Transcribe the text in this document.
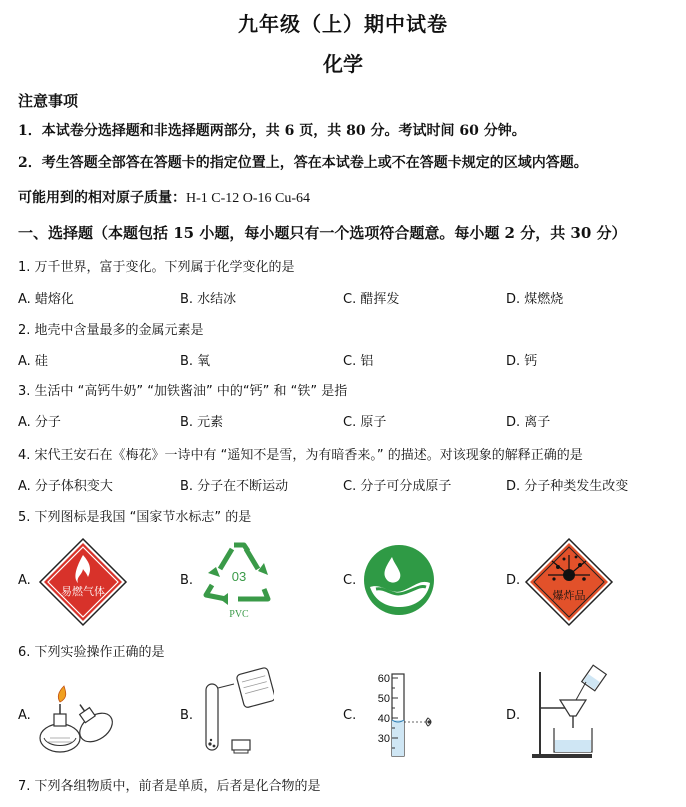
九年级（上）期中试卷
化学
注意事项
1．本试卷分选择题和非选择题两部分，共 6 页，共 80 分。考试时间 60 分钟。
2．考生答题全部答在答题卡的指定位置上，答在本试卷上或不在答题卡规定的区域内答题。
可能用到的相对原子质量：H-1 C-12 O-16 Cu-64
一、选择题（本题包括 15 小题，每小题只有一个选项符合题意。每小题 2 分，共 30 分）
1. 万千世界，富于变化。下列属于化学变化的是
A. 蜡熔化	B. 水结冰	C. 醋挥发	D. 煤燃烧
2. 地壳中含量最多的金属元素是
A. 硅	B. 氧	C. 铝	D. 钙
3. 生活中 “高钙牛奶” “加铁酱油” 中的“钙” 和 “铁” 是指
A. 分子	B. 元素	C. 原子	D. 离子
4. 宋代王安石在《梅花》一诗中有 “遥知不是雪，为有暗香来。” 的描述。对该现象的解释正确的是
A. 分子体积变大	B. 分子在不断运动	C. 分子可分成原子	D. 分子种类发生改变
5. 下列图标是我国 “国家节水标志” 的是
A.	B.	C.	D.
易燃气体
03
PVC
爆炸品
6. 下列实验操作正确的是
A.	B.	C.	D.
60
50
40
30
7. 下列各组物质中，前者是单质，后者是化合物的是
